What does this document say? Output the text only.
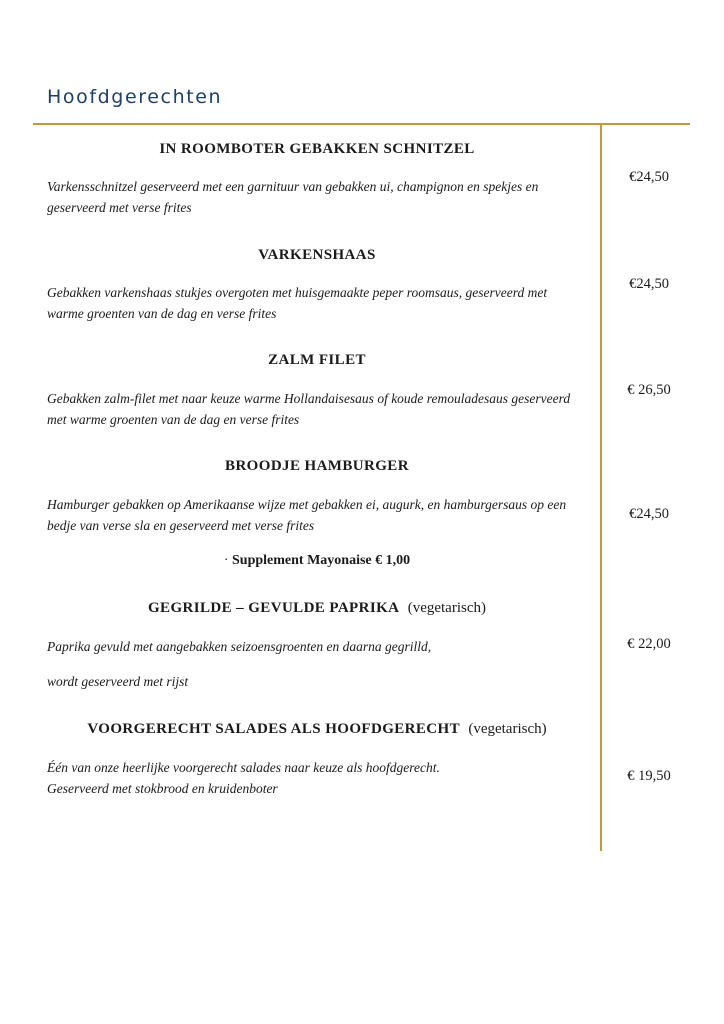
Hoofdgerechten
IN ROOMBOTER GEBAKKEN SCHNITZEL
Varkensschnitzel geserveerd met een garnituur van gebakken ui, champignon en spekjes en geserveerd met verse frites
€24,50
VARKENSHAAS
Gebakken varkenshaas stukjes overgoten met huisgemaakte peper roomsaus, geserveerd met warme groenten van de dag en verse frites
€24,50
ZALM FILET
Gebakken zalm-filet met naar keuze warme Hollandaisesaus of koude remouladesaus geserveerd met warme groenten van de dag en verse frites
€ 26,50
BROODJE HAMBURGER
Hamburger gebakken op Amerikaanse wijze met gebakken ei, augurk, en hamburgersaus op een bedje van verse sla en geserveerd met verse frites
· Supplement Mayonaise € 1,00
€24,50
GEGRILDE – GEVULDE PAPRIKA (vegetarisch)
Paprika gevuld met aangebakken seizoensgroenten en daarna gegrilld,
wordt geserveerd met rijst
€ 22,00
VOORGERECHT SALADES ALS HOOFDGERECHT (vegetarisch)
Één van onze heerlijke voorgerecht salades naar keuze als hoofdgerecht.
Geserveerd met stokbrood en kruidenboter
€ 19,50
